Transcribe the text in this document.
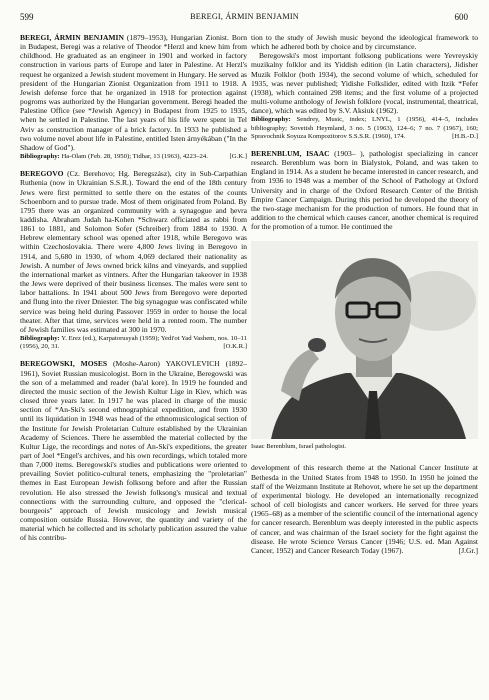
599	BEREGI, ÁRMIN BENJAMIN	600

BEREGI, ÁRMIN BENJAMIN (1879–1953), Hungarian Zionist. Born in Budapest, Beregi was a relative of Theodor *Herzl and knew him from childhood. He graduated as an engineer in 1901 and worked in factory construction in various parts of Europe and later in Palestine. At Herzl's request he organized a Jewish student movement in Hungary. He served as president of the Hungarian Zionist Organization from 1911 to 1918. A Jewish defense force that he organized in 1918 for protection against pogroms was authorized by the Hungarian government. Beregi headed the Palestine Office (see *Jewish Agency) in Budapest from 1925 to 1935, when he settled in Palestine. The last years of his life were spent in Tel Aviv as construction manager of a brick factory. In 1933 he published a two volume novel about life in Palestine, entitled Isten árnyékában ("In the Shadow of God").

Bibliography: Ha-Olam (Feb. 28, 1950); Tidhar, 13 (1963), 4223–24.	[G.K.]

BEREGOVO (Cz. Berehovo; Hg. Beregszász), city in Sub-Carpathian Ruthenia (now in Ukrainian S.S.R.). Toward the end of the 18th century Jews were first permitted to settle there on the estates of the counts Schoenborn and to pursue trade. Most of them originated from Poland. By 1795 there was an organized community with a synagogue and ḥevra kaddisha. Abraham Judah ha-Kohen *Schwarz officiated as rabbi from 1861 to 1881, and Solomon Sofer (Schreiber) from 1884 to 1930. A Hebrew elementary school was opened after 1918, while Beregovo was within Czechoslovakia. There were 4,800 Jews living in Beregovo in 1914, and 5,680 in 1930, of whom 4,069 declared their nationality as Jewish. A number of Jews owned brick kilns and vineyards, and supplied the international market as vintners. After the Hungarian takeover in 1938 the Jews were deprived of their business licenses. The males were sent to labor battalions. In 1941 about 500 Jews from Beregovo were deported and flung into the river Dniester. The big synagogue was confiscated while service was being held during Passover 1959 in order to house the local theater. After that time, services were held in a rented room. The number of Jewish families was estimated at 300 in 1970.

Bibliography: Y. Erez (ed.), Karpatorusyah (1959); Yedi'ot Yad Vashem, nos. 10–11 (1956), 20, 31.	[O.K.R.]

BEREGOWSKI, MOSES (Moshe-Aaron) YAKOVLEVICH (1892–1961), Soviet Russian musicologist. Born in the Ukraine, Beregowski was the son of a melammed and reader (ba'al kore). In 1919 he founded and directed the music section of the Jewish Kultur Lige in Kiev, which was closed three years later. In 1917 he was placed in charge of the music section of *An-Ski's second ethnographical expedition, and from 1930 until its liquidation in 1948 was head of the ethnomusicological section of the Institute for Jewish Proletarian Culture established by the Ukrainian Academy of Sciences. There he assembled the material collected by the Kultur Lige, the recordings and notes of An-Ski's expeditions, the greater part of Joel *Engel's archives, and his own recordings, which totaled more than 7,000 items. Beregowski's studies and publications were oriented to prevailing Soviet politico-cultural tenets, emphasizing the "proletarian" themes in East European Jewish folksong before and after the Russian revolution. He also stressed the Jewish folksong's musical and textual connections with the surrounding culture, and opposed the "clerical-bourgeois" approach of Jewish musicology and Jewish musical composition outside Russia. However, the quantity and variety of the material which he collected and its scholarly publication assured the value of his contribu-

tion to the study of Jewish music beyond the ideological framework to which he adhered both by choice and by circumstance.

Beregowski's most important folksong publications were Yevreyskiy muzikalny folklor and its Yiddish edition (in Latin characters), Jidisher Muzik Folklor (both 1934), the second volume of which, scheduled for 1935, was never published; Yidishe Folkslider, edited with Itzik *Fefer (1938), which contained 298 items; and the first volume of a projected multi-volume anthology of Jewish folklore (vocal, instrumental, theatrical, dance), which was edited by S.V. Aksiuk (1962).

Bibliography: Sendrey, Music, index; LNYL, 1 (1956), 414–5, includes bibliography; Sovetish Heymland, 3 no. 5 (1963), 124–6; 7 no. 7 (1967), 160; Spravochnik Soyuza Kompozitorov S.S.S.R. (1960), 174.	[H.B.-D.]

BERENBLUM, ISAAC (1903– ), pathologist specializing in cancer research. Berenblum was born in Bialystok, Poland, and was taken to England in 1914. As a student he became interested in cancer research, and from 1936 to 1948 was a member of the School of Pathology at Oxford University and in charge of the Oxford Research Center of the British Empire Cancer Campaign. During this period he developed the theory of the two-stage mechanism for the production of tumors. He found that in addition to the chemical which causes cancer, another chemical is required for the promotion of a tumor. He continued the

Isaac Berenblum, Israel pathologist.

development of this research theme at the National Cancer Institute at Bethesda in the United States from 1948 to 1950. In 1950 he joined the staff of the Weizmann Institute at Rehovot, where he set up the department of experimental biology. He developed an internationally recognized school of cell biologists and cancer workers. He served for three years (1965–68) as a member of the scientific council of the international agency for cancer research. Berenblum was deeply interested in the public aspects of cancer, and was chairman of the Israel society for the fight against the disease. He wrote Science Versus Cancer (1946; U.S. ed. Man Against Cancer, 1952) and Cancer Research Today (1967).	[J.Gr.]
